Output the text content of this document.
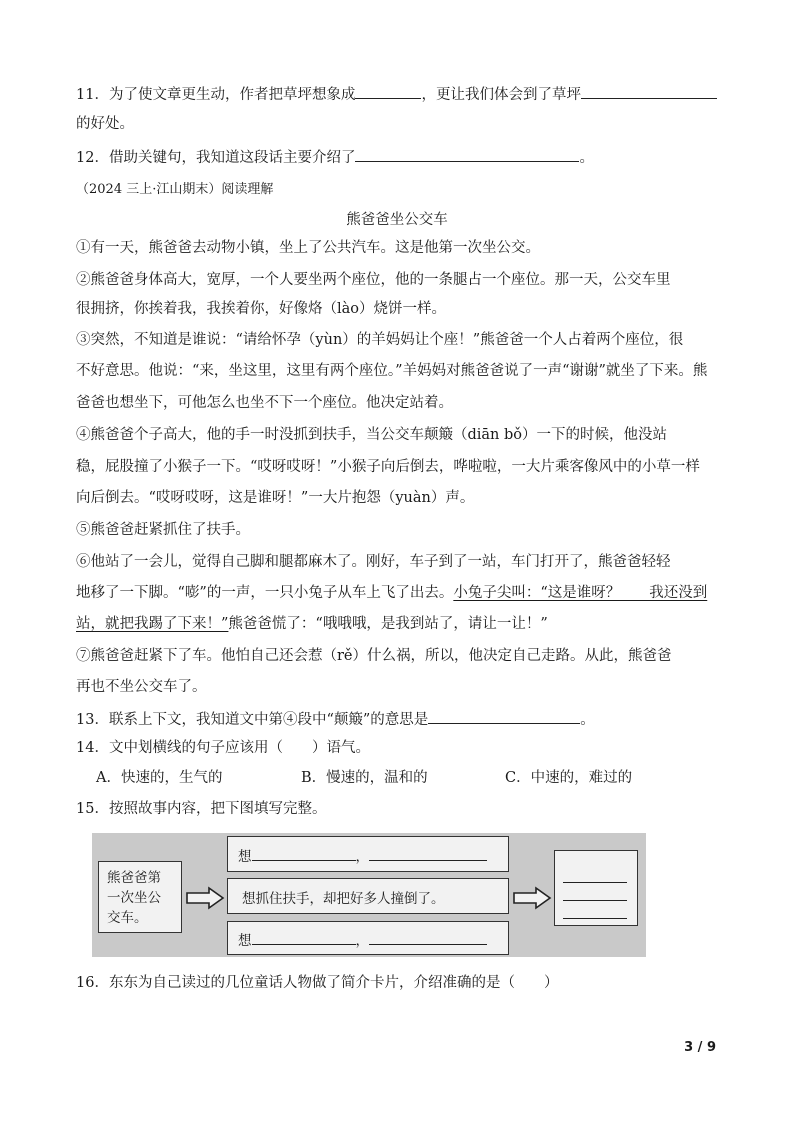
11．为了使文章更生动，作者把草坪想象成	，更让我们体会到了草坪
的好处。
12．借助关键句，我知道这段话主要介绍了	。
（2024 三上·江山期末）阅读理解
熊爸爸坐公交车
①有一天，熊爸爸去动物小镇，坐上了公共汽车。这是他第一次坐公交。
②熊爸爸身体高大，宽厚，一个人要坐两个座位，他的一条腿占一个座位。那一天，公交车里
很拥挤，你挨着我，我挨着你，好像烙（lào）烧饼一样。
③突然，不知道是谁说：“请给怀孕（yùn）的羊妈妈让个座！”熊爸爸一个人占着两个座位，很
不好意思。他说：“来，坐这里，这里有两个座位。”羊妈妈对熊爸爸说了一声“谢谢”就坐了下来。熊
爸爸也想坐下，可他怎么也坐不下一个座位。他决定站着。
④熊爸爸个子高大，他的手一时没抓到扶手，当公交车颠簸（diān bǒ）一下的时候，他没站
稳，屁股撞了小猴子一下。“哎呀哎呀！”小猴子向后倒去，哗啦啦，一大片乘客像风中的小草一样
向后倒去。“哎呀哎呀，这是谁呀！”一大片抱怨（yuàn）声。
⑤熊爸爸赶紧抓住了扶手。
⑥他站了一会儿，觉得自己脚和腿都麻木了。刚好，车子到了一站，车门打开了，熊爸爸轻轻
地移了一下脚。“嘭”的一声，一只小兔子从车上飞了出去。小兔子尖叫：“这是谁呀？　　我还没到
站，就把我踢了下来！”熊爸爸慌了：“哦哦哦，是我到站了，请让一让！”
⑦熊爸爸赶紧下了车。他怕自己还会惹（rě）什么祸，所以，他决定自己走路。从此，熊爸爸
再也不坐公交车了。
13．联系上下文，我知道文中第④段中“颠簸”的意思是	。
14．文中划横线的句子应该用（　　）语气。
A．快速的，生气的	B．慢速的，温和的	C．中速的，难过的
15．按照故事内容，把下图填写完整。
熊爸爸第
一次坐公
交车。
想	，
想抓住扶手，却把好多人撞倒了。
想	，
16．东东为自己读过的几位童话人物做了简介卡片，介绍准确的是（　　）
3 / 9
